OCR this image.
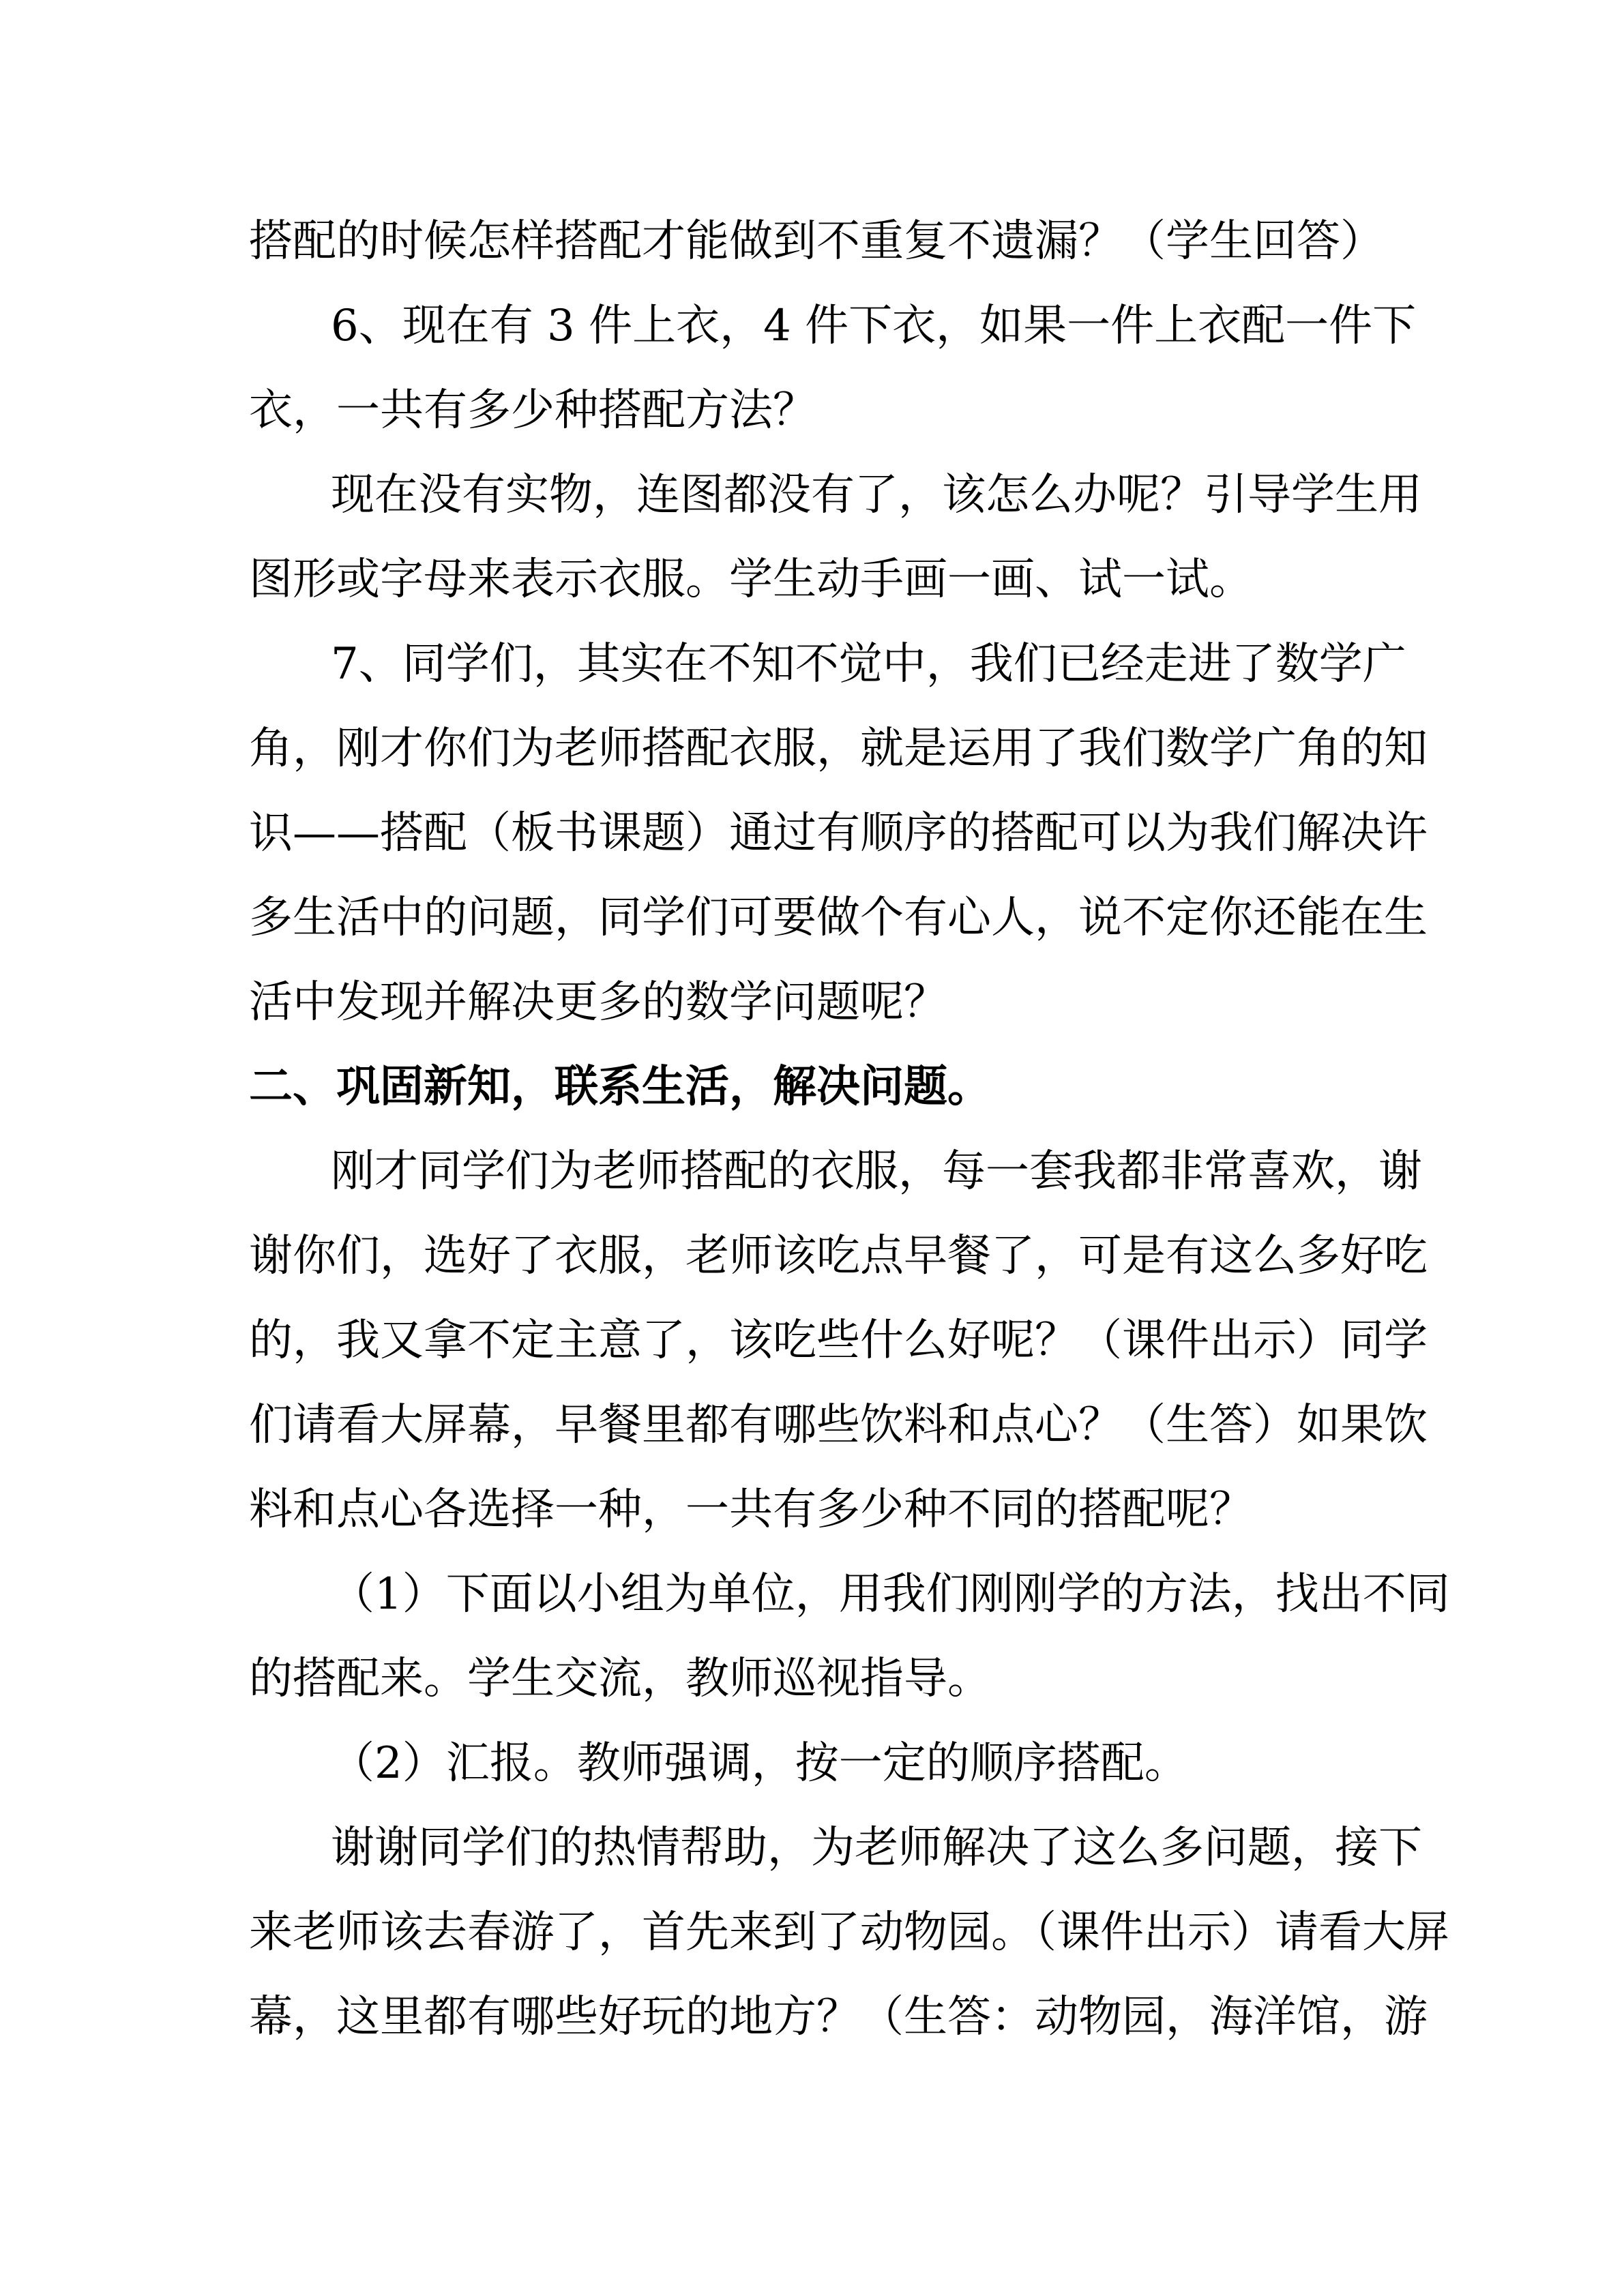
搭配的时候怎样搭配才能做到不重复不遗漏？（学生回答）
6、现在有 3 件上衣，4 件下衣，如果一件上衣配一件下
衣，一共有多少种搭配方法？
现在没有实物，连图都没有了，该怎么办呢？引导学生用
图形或字母来表示衣服。学生动手画一画、试一试。
7、同学们，其实在不知不觉中，我们已经走进了数学广
角，刚才你们为老师搭配衣服，就是运用了我们数学广角的知
识——搭配（板书课题）通过有顺序的搭配可以为我们解决许
多生活中的问题，同学们可要做个有心人，说不定你还能在生
活中发现并解决更多的数学问题呢？
二、巩固新知，联系生活，解决问题。
刚才同学们为老师搭配的衣服，每一套我都非常喜欢，谢
谢你们，选好了衣服，老师该吃点早餐了，可是有这么多好吃
的，我又拿不定主意了，该吃些什么好呢？（课件出示）同学
们请看大屏幕，早餐里都有哪些饮料和点心？（生答）如果饮
料和点心各选择一种，一共有多少种不同的搭配呢？
（1）下面以小组为单位，用我们刚刚学的方法，找出不同
的搭配来。学生交流，教师巡视指导。
（2）汇报。教师强调，按一定的顺序搭配。
谢谢同学们的热情帮助，为老师解决了这么多问题，接下
来老师该去春游了，首先来到了动物园。（课件出示）请看大屏
幕，这里都有哪些好玩的地方？（生答：动物园，海洋馆，游
